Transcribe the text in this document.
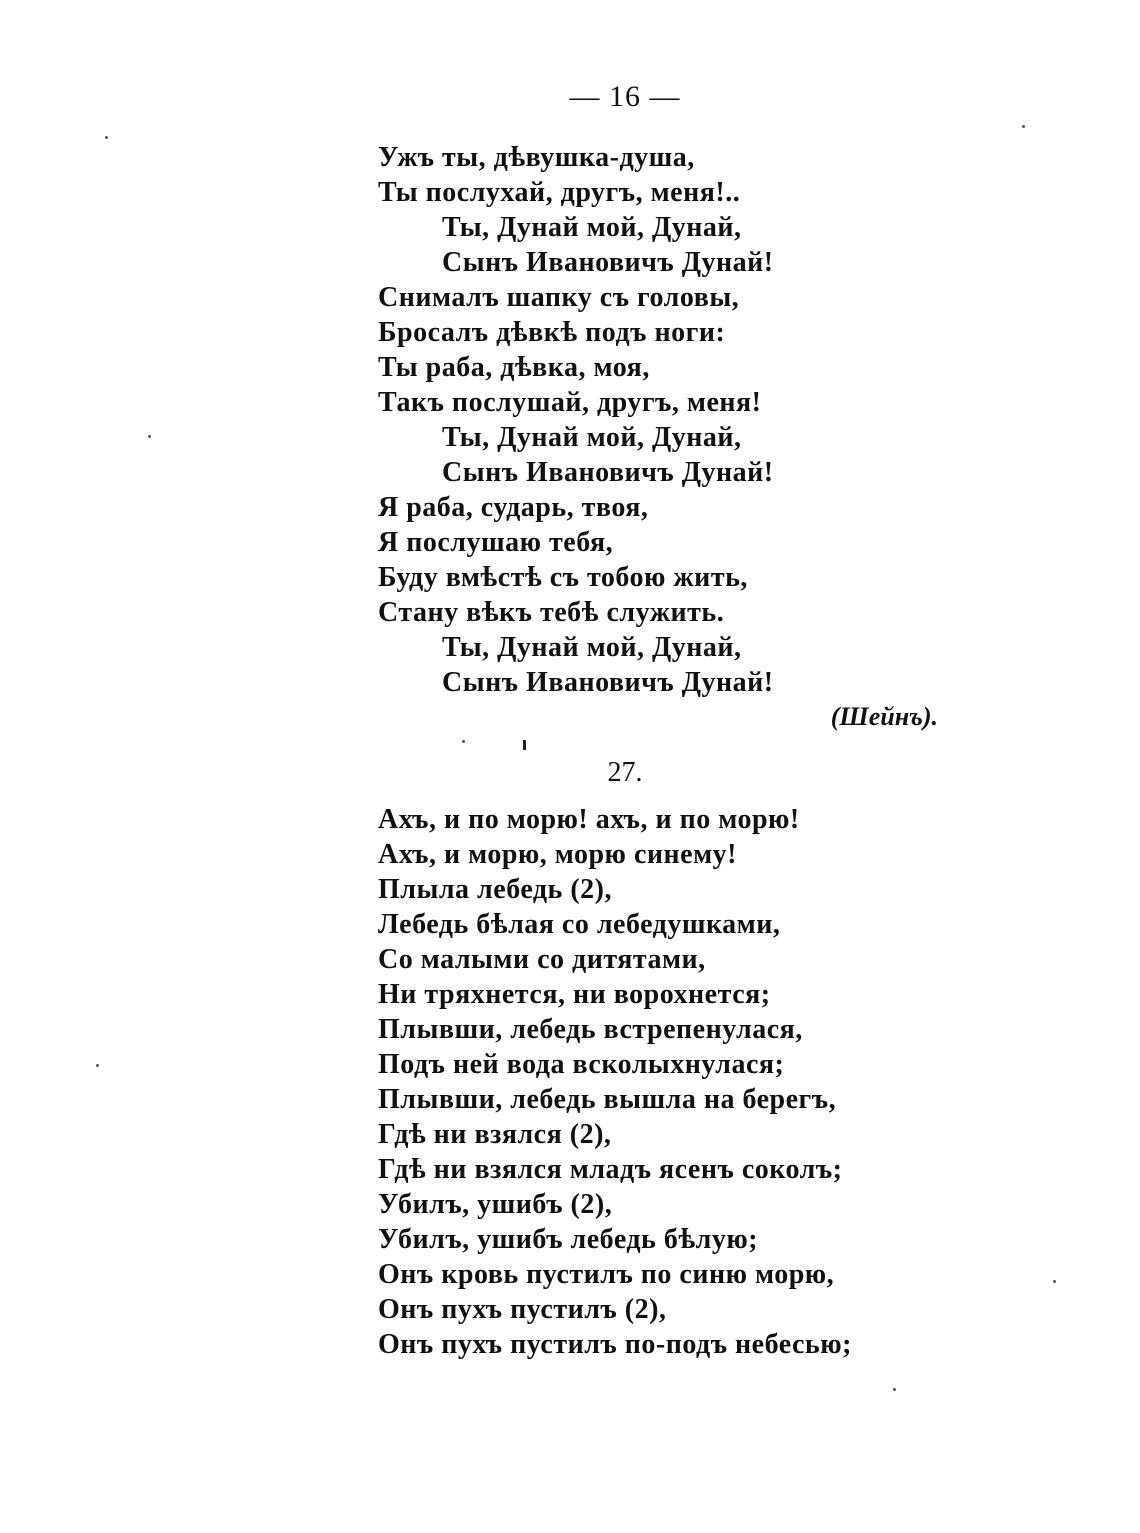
— 16 —
Ужъ ты, дѣвушка-душа,
Ты послухай, другъ, меня!..
Ты, Дунай мой, Дунай,
Сынъ Ивановичъ Дунай!
Снималъ шапку съ головы,
Бросалъ дѣвкѣ подъ ноги:
Ты раба, дѣвка, моя,
Такъ послушай, другъ, меня!
Ты, Дунай мой, Дунай,
Сынъ Ивановичъ Дунай!
Я раба, сударь, твоя,
Я послушаю тебя,
Буду вмѣстѣ съ тобою жить,
Стану вѣкъ тебѣ служить.
Ты, Дунай мой, Дунай,
Сынъ Ивановичъ Дунай!
(Шейнъ).
27.
Ахъ, и по морю! ахъ, и по морю!
Ахъ, и морю, морю синему!
Плыла лебедь (2),
Лебедь бѣлая со лебедушками,
Со малыми со дитятами,
Ни тряхнется, ни ворохнется;
Плывши, лебедь встрепенулася,
Подъ ней вода всколыхнулася;
Плывши, лебедь вышла на берегъ,
Гдѣ ни взялся (2),
Гдѣ ни взялся младъ ясенъ соколъ;
Убилъ, ушибъ (2),
Убилъ, ушибъ лебедь бѣлую;
Онъ кровь пустилъ по синю морю,
Онъ пухъ пустилъ (2),
Онъ пухъ пустилъ по-подъ небесью;
